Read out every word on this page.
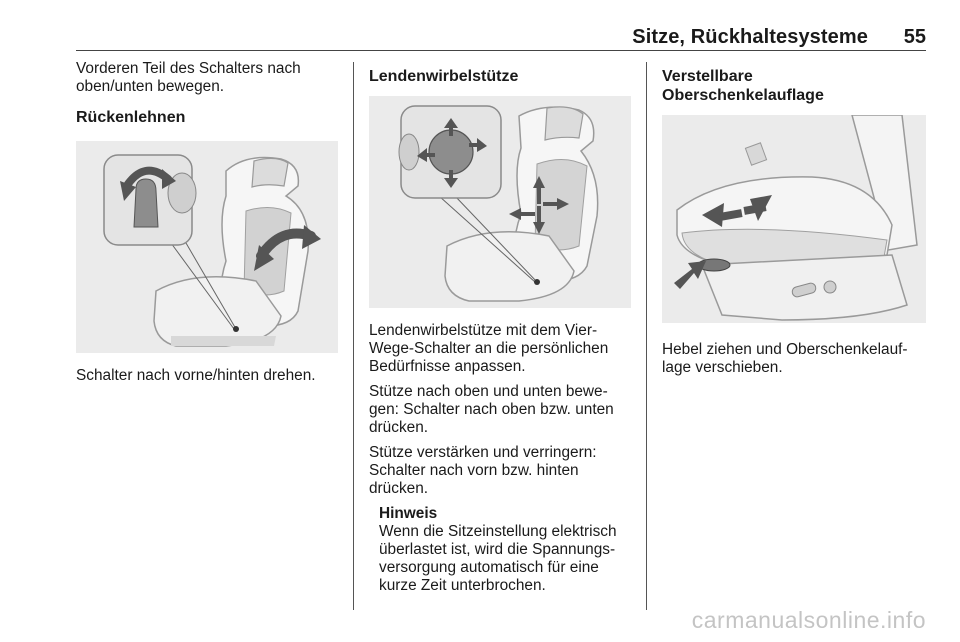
Sitze, Rückhaltesysteme 55

Vorderen Teil des Schalters nach oben/unten bewegen.

Rückenlehnen

Schalter nach vorne/hinten drehen.

Lendenwirbelstütze

Lendenwirbelstütze mit dem Vier-Wege-Schalter an die persönlichen Bedürfnisse anpassen.

Stütze nach oben und unten bewe-gen: Schalter nach oben bzw. unten drücken.

Stütze verstärken und verringern: Schalter nach vorn bzw. hinten drücken.

Hinweis
Wenn die Sitzeinstellung elektrisch überlastet ist, wird die Spannungs-versorgung automatisch für eine kurze Zeit unterbrochen.
Verstellbare
Oberschenkelauflage

Hebel ziehen und Oberschenkelauf-lage verschieben.

carmanualsonline.info
